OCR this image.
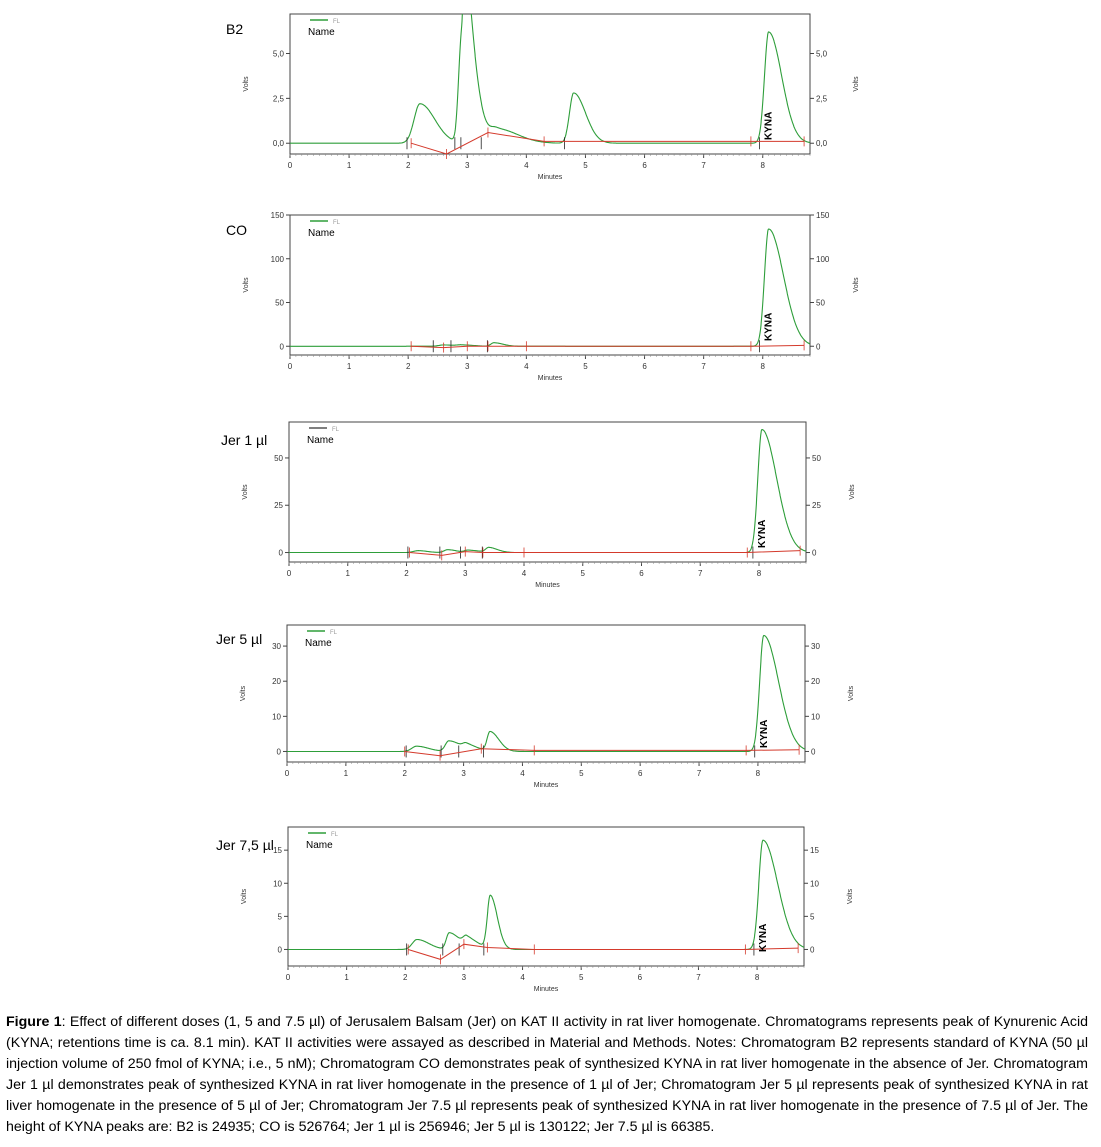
B2	FL
Name
0	1	2	3	4	5	6	7	8
Minutes
0,0	0,0
2,5	2,5
5,0	5,0
Volts	Volts
KYNA
CO	FL
Name
0	1	2	3	4	5	6	7	8
Minutes
0	0
50	50
100	100
150	150
Volts	Volts
KYNA
Jer 1 µl
FL
Name
0	1	2	3	4	5	6	7	8
Minutes
0	0
25	25
50	50
Volts	Volts
KYNA
Jer 5 µl	FL
Name
0	1	2	3	4	5	6	7	8
Minutes
0	0
10	10
20	20
30	30
Volts	Volts
KYNA
Jer 7,5 µl
FL
Name
0	1	2	3	4	5	6	7	8
Minutes
0	0
5	5
10	10
15	15
Volts	Volts
KYNA
Figure 1: Effect of different doses (1, 5 and 7.5 µl) of Jerusalem Balsam (Jer) on KAT II activity in rat liver homogenate. Chromatograms represents peak of Kynurenic Acid (KYNA; retentions time is ca. 8.1 min). KAT II activities were assayed as described in Material and Methods. Notes: Chromatogram B2 represents standard of KYNA (50 µl injection volume of 250 fmol of KYNA; i.e., 5 nM); Chromatogram CO demonstrates peak of synthesized KYNA in rat liver homogenate in the absence of Jer. Chromatogram Jer 1 µl demonstrates peak of synthesized KYNA in rat liver homogenate in the presence of 1 µl of Jer; Chromatogram Jer 5 µl represents peak of synthesized KYNA in rat liver homogenate in the presence of 5 µl of Jer; Chromatogram Jer 7.5 µl represents peak of synthesized KYNA in rat liver homogenate in the presence of 7.5 µl of Jer. The height of KYNA peaks are: B2 is 24935; CO is 526764; Jer 1 µl is 256946; Jer 5 µl is 130122; Jer 7.5 µl is 66385.
